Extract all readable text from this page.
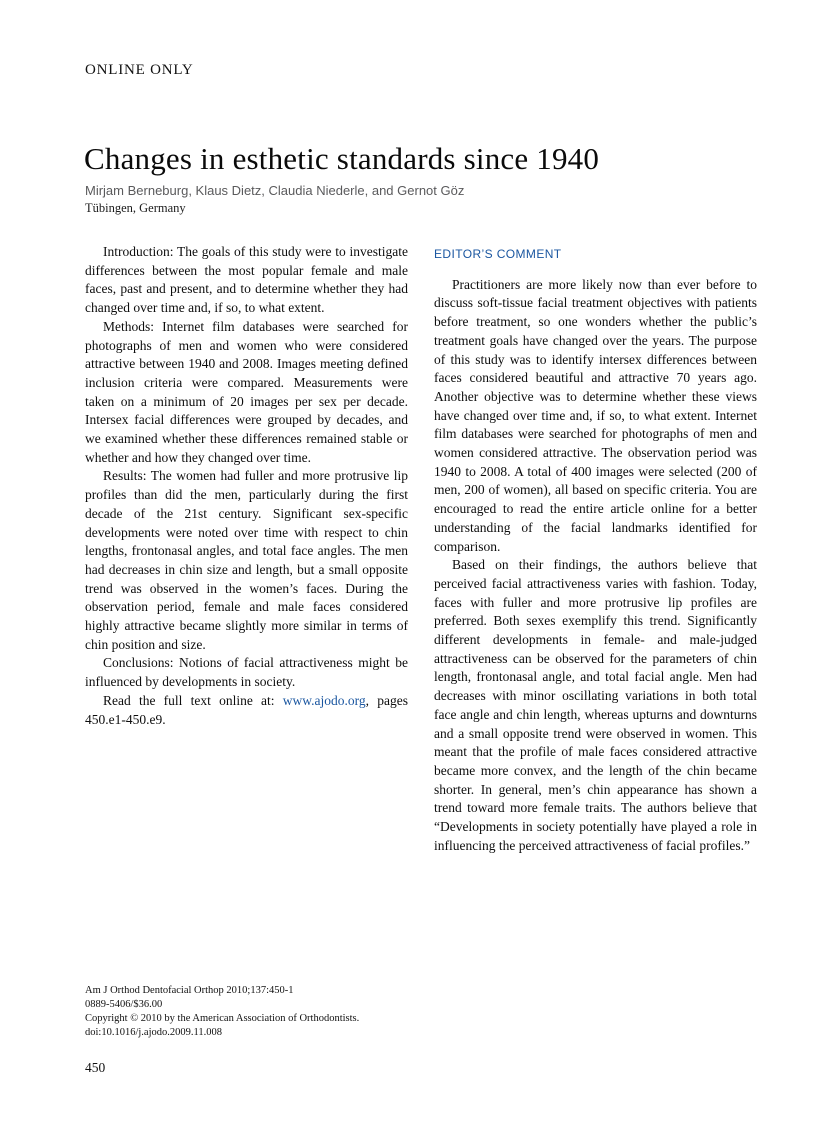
ONLINE ONLY
Changes in esthetic standards since 1940
Mirjam Berneburg, Klaus Dietz, Claudia Niederle, and Gernot Göz
Tübingen, Germany

Introduction: The goals of this study were to investigate differences between the most popular female and male faces, past and present, and to determine whether they had changed over time and, if so, to what extent.

Methods: Internet film databases were searched for photographs of men and women who were considered attractive between 1940 and 2008. Images meeting defined inclusion criteria were compared. Measurements were taken on a minimum of 20 images per sex per decade. Intersex facial differences were grouped by decades, and we examined whether these differences remained stable or whether and how they changed over time.

Results: The women had fuller and more protrusive lip profiles than did the men, particularly during the first decade of the 21st century. Significant sex-specific developments were noted over time with respect to chin lengths, frontonasal angles, and total face angles. The men had decreases in chin size and length, but a small opposite trend was observed in the women’s faces. During the observation period, female and male faces considered highly attractive became slightly more similar in terms of chin position and size.

Conclusions: Notions of facial attractiveness might be influenced by developments in society.

Read the full text online at: www.ajodo.org, pages 450.e1-450.e9.

EDITOR’S COMMENT

Practitioners are more likely now than ever before to discuss soft-tissue facial treatment objectives with patients before treatment, so one wonders whether the public’s treatment goals have changed over the years. The purpose of this study was to identify intersex differences between faces considered beautiful and attractive 70 years ago. Another objective was to determine whether these views have changed over time and, if so, to what extent. Internet film databases were searched for photographs of men and women considered attractive. The observation period was 1940 to 2008. A total of 400 images were selected (200 of men, 200 of women), all based on specific criteria. You are encouraged to read the entire article online for a better understanding of the facial landmarks identified for comparison.

Based on their findings, the authors believe that perceived facial attractiveness varies with fashion. Today, faces with fuller and more protrusive lip profiles are preferred. Both sexes exemplify this trend. Significantly different developments in female- and male-judged attractiveness can be observed for the parameters of chin length, frontonasal angle, and total facial angle. Men had decreases with minor oscillating variations in both total face angle and chin length, whereas upturns and downturns and a small opposite trend were observed in women. This meant that the profile of male faces considered attractive became more convex, and the length of the chin became shorter. In general, men’s chin appearance has shown a trend toward more female traits. The authors believe that “Developments in society potentially have played a role in influencing the perceived attractiveness of facial profiles.”

Am J Orthod Dentofacial Orthop 2010;137:450-1
0889-5406/$36.00
Copyright © 2010 by the American Association of Orthodontists.
doi:10.1016/j.ajodo.2009.11.008
450
